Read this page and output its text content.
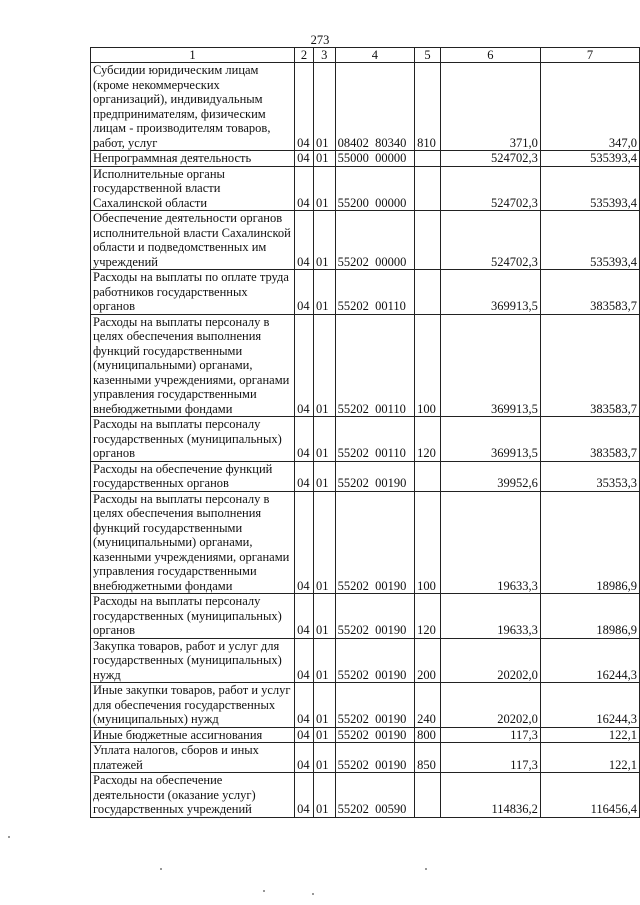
273
1	2	3	4	5	6	7
Субсидии юридическим лицам (кроме некоммерческих организаций), индивидуальным предпринимателям, физическим лицам - производителям товаров, работ, услуг	04	01	08402  80340	810	371,0	347,0
Непрограммная деятельность	04	01	55000  00000		524702,3	535393,4
Исполнительные органы государственной власти Сахалинской области	04	01	55200  00000		524702,3	535393,4
Обеспечение деятельности органов исполнительной власти Сахалинской области и подведомственных им учреждений	04	01	55202  00000		524702,3	535393,4
Расходы на выплаты по оплате труда работников государственных органов	04	01	55202  00110		369913,5	383583,7
Расходы на выплаты персоналу в целях обеспечения выполнения функций государственными (муниципальными) органами, казенными учреждениями, органами управления государственными внебюджетными фондами	04	01	55202  00110	100	369913,5	383583,7
Расходы на выплаты персоналу государственных (муниципальных) органов	04	01	55202  00110	120	369913,5	383583,7
Расходы на обеспечение функций государственных органов	04	01	55202  00190		39952,6	35353,3
Расходы на выплаты персоналу в целях обеспечения выполнения функций государственными (муниципальными) органами, казенными учреждениями, органами управления государственными внебюджетными фондами	04	01	55202  00190	100	19633,3	18986,9
Расходы на выплаты персоналу государственных (муниципальных) органов	04	01	55202  00190	120	19633,3	18986,9
Закупка товаров, работ и услуг для государственных (муниципальных) нужд	04	01	55202  00190	200	20202,0	16244,3
Иные закупки товаров, работ и услуг для обеспечения государственных (муниципальных) нужд	04	01	55202  00190	240	20202,0	16244,3
Иные бюджетные ассигнования	04	01	55202  00190	800	117,3	122,1
Уплата налогов, сборов и иных платежей	04	01	55202  00190	850	117,3	122,1
Расходы на обеспечение деятельности (оказание услуг) государственных учреждений	04	01	55202  00590		114836,2	116456,4
